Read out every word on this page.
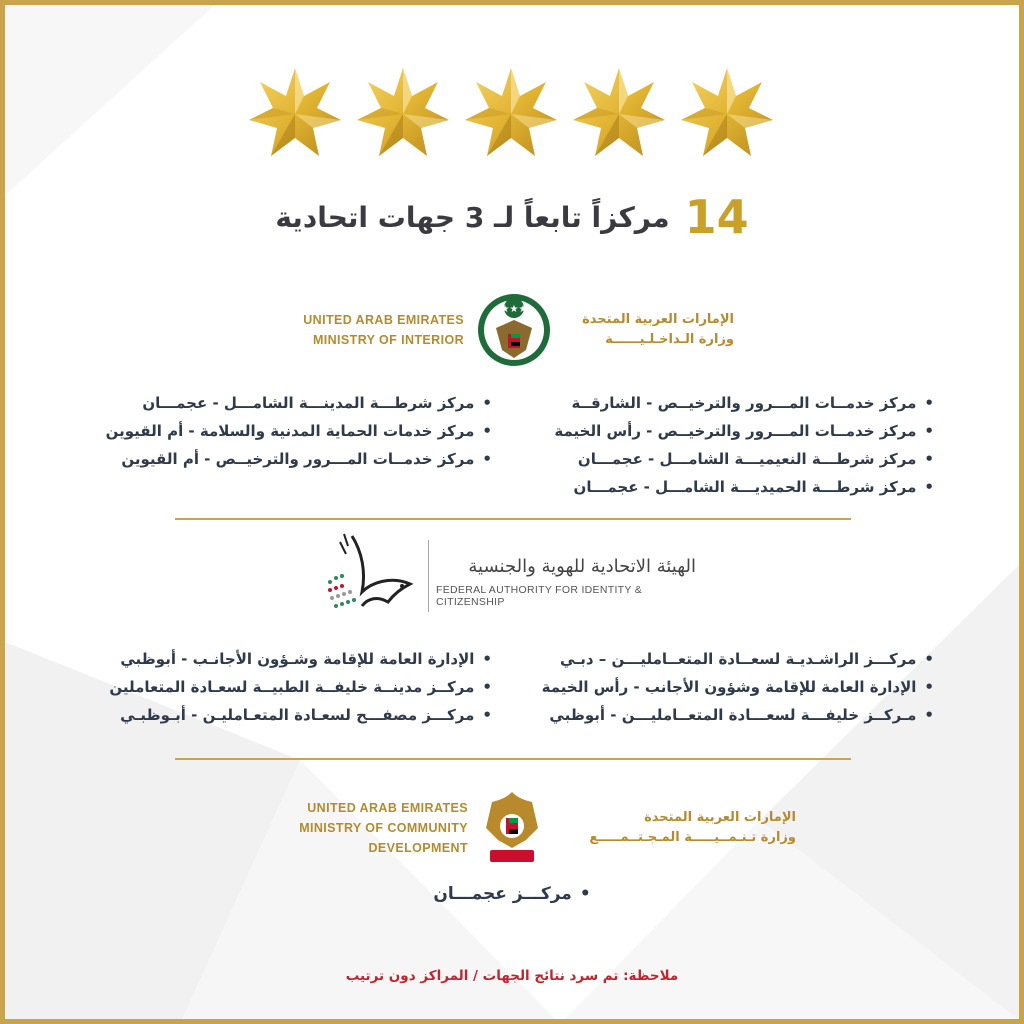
14 مركزاً تابعاً لـ 3 جهات اتحادية
UNITED ARAB EMIRATES
MINISTRY OF INTERIOR
★★★
الإمارات العربية المتحدة
وزارة الـداخـلـيــــــة
• مركز خدمــات المـــرور والترخيــص - الشارقــة
• مركز خدمــات المـــرور والترخيــص - رأس الخيمة
• مركز شرطـــة النعيميـــة الشامـــل - عجمـــان
• مركز شرطـــة الحميديـــة الشامـــل - عجمـــان
• مركز شرطـــة المدينـــة الشامـــل - عجمـــان
• مركز خدمات الحماية المدنية والسلامة - أم القيوين
• مركز خدمــات المـــرور والترخيــص - أم القيوين
الهيئة الاتحادية للهوية والجنسية
FEDERAL AUTHORITY FOR IDENTITY & CITIZENSHIP
• مركـــز الراشـديـة لسعــادة المتعــامليـــن – دبـي
• الإدارة العامة للإقامة وشؤون الأجانب - رأس الخيمة
• مـركــز خليفـــة لسعـــادة المتعــامليـــن - أبوظبي
• الإدارة العامة للإقامة وشـؤون الأجانـب - أبوظبي
• مركــز مدينــة خليفــة الطبيــة لسعـادة المتعاملين
• مركـــز مصفـــح لسعـادة المتعـامليـن - أبـوظبـي
UNITED ARAB EMIRATES
MINISTRY OF COMMUNITY DEVELOPMENT
الإمارات العربية المتحدة
وزارة تـنـمــيـــــة المـجـتــمـــــع
• مركـــز عجمـــان
ملاحظة: تم سرد نتائج الجهات / المراكز دون ترتيب
